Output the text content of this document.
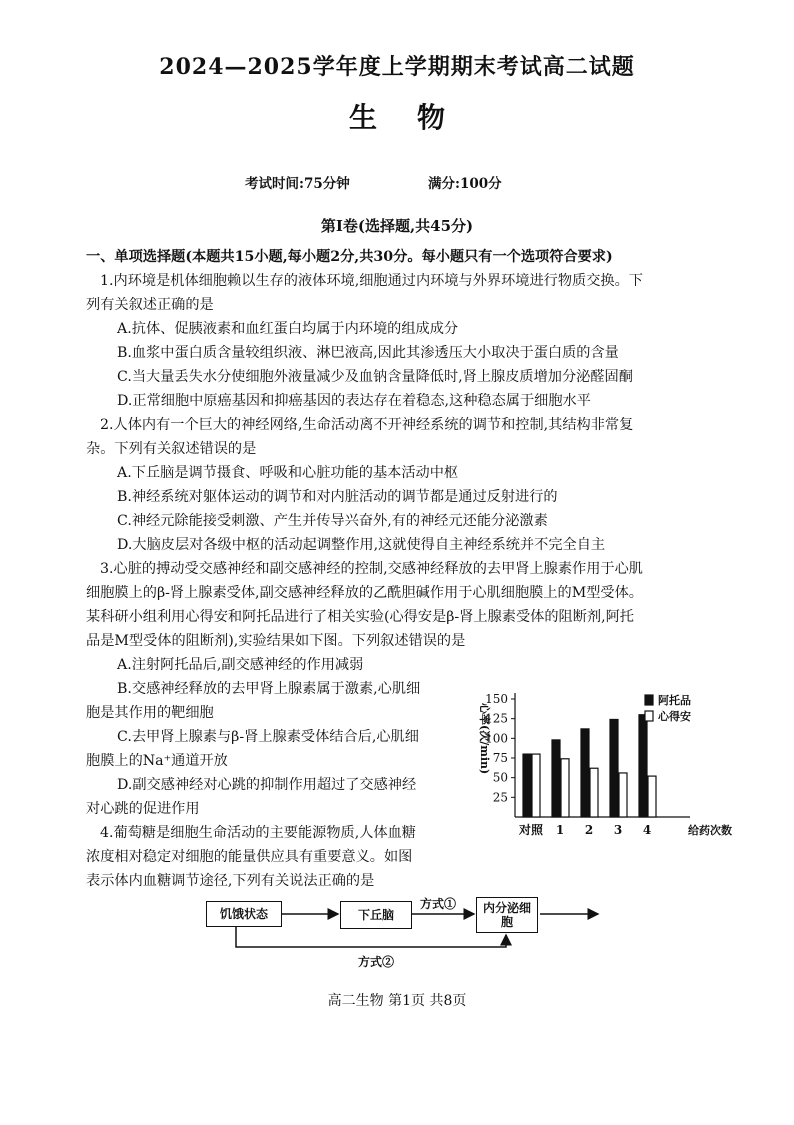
2024—2025学年度上学期期末考试高二试题
生物
考试时间:75分钟	满分:100分
第Ⅰ卷(选择题,共45分)
一、单项选择题(本题共15小题,每小题2分,共30分。每小题只有一个选项符合要求)
1.内环境是机体细胞赖以生存的液体环境,细胞通过内环境与外界环境进行物质交换。下
列有关叙述正确的是
A.抗体、促胰液素和血红蛋白均属于内环境的组成成分
B.血浆中蛋白质含量较组织液、淋巴液高,因此其渗透压大小取决于蛋白质的含量
C.当大量丢失水分使细胞外液量减少及血钠含量降低时,肾上腺皮质增加分泌醛固酮
D.正常细胞中原癌基因和抑癌基因的表达存在着稳态,这种稳态属于细胞水平
2.人体内有一个巨大的神经网络,生命活动离不开神经系统的调节和控制,其结构非常复
杂。下列有关叙述错误的是
A.下丘脑是调节摄食、呼吸和心脏功能的基本活动中枢
B.神经系统对躯体运动的调节和对内脏活动的调节都是通过反射进行的
C.神经元除能接受刺激、产生并传导兴奋外,有的神经元还能分泌激素
D.大脑皮层对各级中枢的活动起调整作用,这就使得自主神经系统并不完全自主
3.心脏的搏动受交感神经和副交感神经的控制,交感神经释放的去甲肾上腺素作用于心肌
细胞膜上的β-肾上腺素受体,副交感神经释放的乙酰胆碱作用于心肌细胞膜上的M型受体。
某科研小组利用心得安和阿托品进行了相关实验(心得安是β-肾上腺素受体的阻断剂,阿托
品是M型受体的阻断剂),实验结果如下图。下列叙述错误的是
A.注射阿托品后,副交感神经的作用减弱
B.交感神经释放的去甲肾上腺素属于激素,心肌细
胞是其作用的靶细胞
C.去甲肾上腺素与β-肾上腺素受体结合后,心肌细
胞膜上的Na⁺通道开放
D.副交感神经对心跳的抑制作用超过了交感神经
对心跳的促进作用
4.葡萄糖是细胞生命活动的主要能源物质,人体血糖
浓度相对稳定对细胞的能量供应具有重要意义。如图
表示体内血糖调节途径,下列有关说法正确的是
25
50
75
100
125
150
心率(次/min)
对照 1 2 3 4	给药次数
阿托品
心得安
饥饿状态	下丘脑	内分泌细胞
方式①
方式②
高二生物 第1页 共8页
